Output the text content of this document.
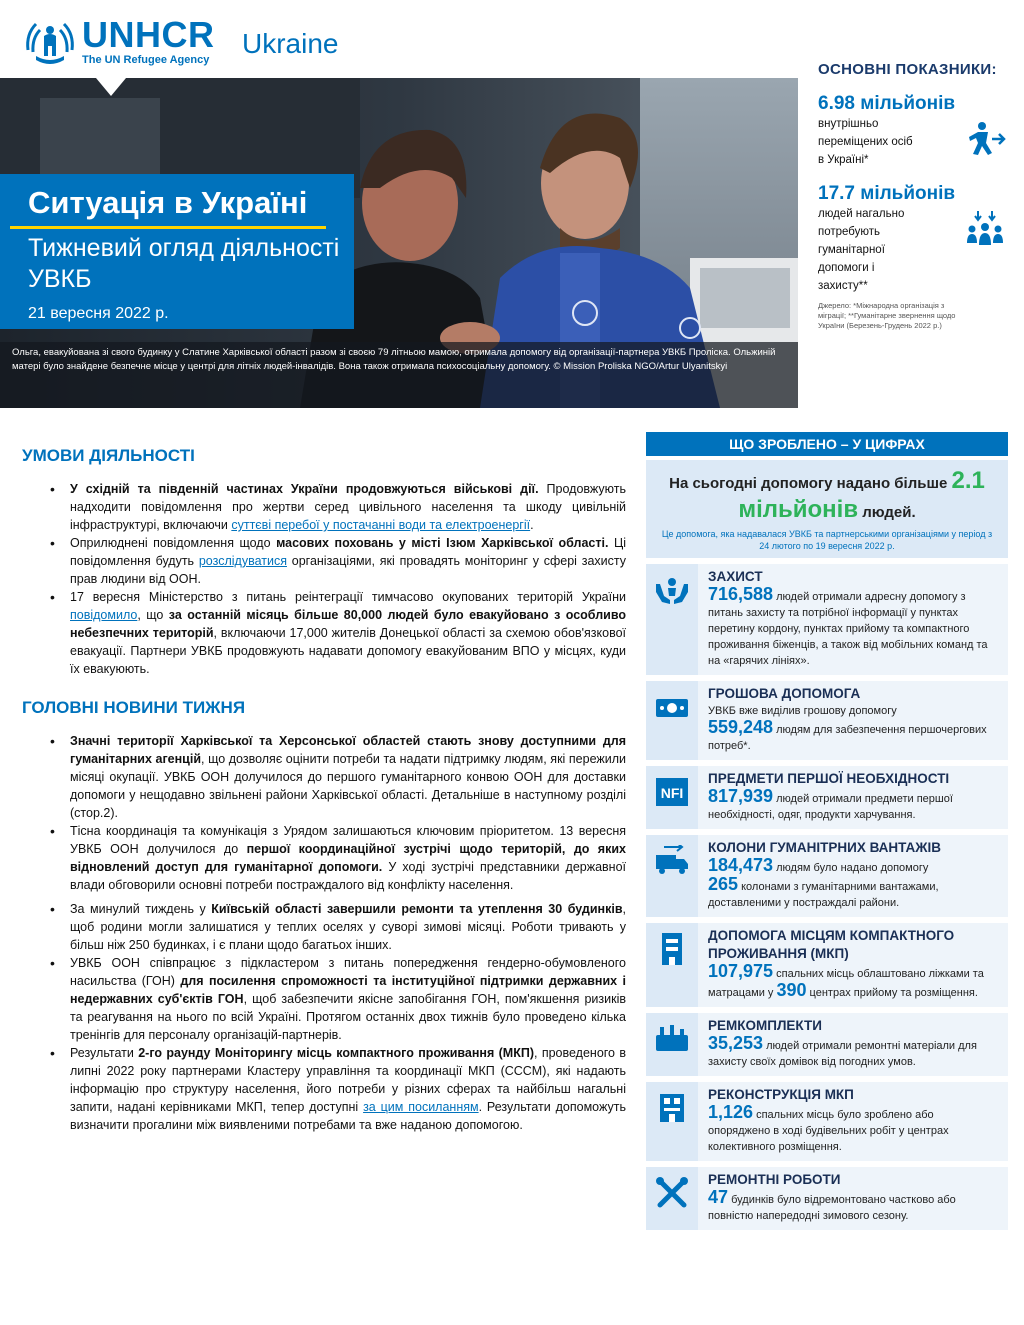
UNHCR
The UN Refugee Agency
Ukraine
Ситуація в Україні
Тижневий огляд діяльності УВКБ
21 вересня 2022 р.
Ольга, евакуйована зі свого будинку у Слатине Харківської області разом зі своєю 79 літньою мамою, отримала допомогу від організації-партнера УВКБ Проліска. Ольжиній матері було знайдене безпечне місце у центрі для літніх людей-інвалідів. Вона також отримала психосоціальну допомогу. © Mission Proliska NGO/Artur Ulyanitskyi
ОСНОВНІ ПОКАЗНИКИ:
6.98 мільйонів
внутрішньо переміщених осіб в Україні*
17.7 мільйонів
людей нагально потребують гуманітарної допомоги і захисту**
Джерело: *Міжнародна організація з міграції; **Гуманітарне звернення щодо України (Березень-Грудень 2022 р.)
УМОВИ ДІЯЛЬНОСТІ
• У східній та південній частинах України продовжуються військові дії. Продовжують надходити повідомлення про жертви серед цивільного населення та шкоду цивільній інфраструктурі, включаючи суттєві перебої у постачанні води та електроенергії.
• Оприлюднені повідомлення щодо масових поховань у місті Ізюм Харківської області. Ці повідомлення будуть розслідуватися організаціями, які провадять моніторинг у сфері захисту прав людини від ООН.
• 17 вересня Міністерство з питань реінтеграції тимчасово окупованих територій України повідомило, що за останній місяць більше 80,000 людей було евакуйовано з особливо небезпечних територій, включаючи 17,000 жителів Донецької області за схемою обов'язкової евакуації. Партнери УВКБ продовжують надавати допомогу евакуйованим ВПО у місцях, куди їх евакуюють.
ГОЛОВНІ НОВИНИ ТИЖНЯ
• Значні території Харківської та Херсонської областей стають знову доступними для гуманітарних агенцій, що дозволяє оцінити потреби та надати підтримку людям, які пережили місяці окупації. УВКБ ООН долучилося до першого гуманітарного конвою ООН для доставки допомоги у нещодавно звільнені райони Харківської області. Детальніше в наступному розділі (стор.2).
• Тісна координація та комунікація з Урядом залишаються ключовим пріоритетом. 13 вересня УВКБ ООН долучилося до першої координаційної зустрічі щодо територій, до яких відновлений доступ для гуманітарної допомоги. У ході зустрічі представники державної влади обговорили основні потреби постраждалого від конфлікту населення.
• За минулий тиждень у Київській області завершили ремонти та утеплення 30 будинків, щоб родини могли залишатися у теплих оселях у суворі зимові місяці. Роботи тривають у більш ніж 250 будинках, і є плани щодо багатьох інших.
• УВКБ ООН співпрацює з підкластером з питань попередження гендерно-обумовленого насильства (ГОН) для посилення спроможності та інституційної підтримки державних і недержавних суб'єктів ГОН, щоб забезпечити якісне запобігання ГОН, пом'якшення ризиків та реагування на нього по всій Україні. Протягом останніх двох тижнів було проведено кілька тренінгів для персоналу організацій-партнерів.
• Результати 2-го раунду Моніторингу місць компактного проживання (МКП), проведеного в липні 2022 року партнерами Кластеру управління та координації МКП (CCCM), які надають інформацію про структуру населення, його потреби у різних сферах та найбільш нагальні запити, надані керівниками МКП, тепер доступні за цим посиланням. Результати допоможуть визначити прогалини між виявленими потребами та вже наданою допомогою.
ЩО ЗРОБЛЕНО – У ЦИФРАХ
На сьогодні допомогу надано більше 2.1 мільйонів людей.
Це допомога, яка надавалася УВКБ та партнерськими організаціями у період з 24 лютого по 19 вересня 2022 р.
ЗАХИСТ
716,588 людей отримали адресну допомогу з питань захисту та потрібної інформації у пунктах перетину кордону, пунктах прийому та компактного проживання біженців, а також від мобільних команд та на «гарячих лініях».
ГРОШОВА ДОПОМОГА
УВКБ вже виділив грошову допомогу
559,248 людям для забезпечення першочергових потреб*.
NFI
ПРЕДМЕТИ ПЕРШОЇ НЕОБХІДНОСТІ
817,939 людей отримали предмети першої необхідності, одяг, продукти харчування.
КОЛОНИ ГУМАНІТРНИХ ВАНТАЖІВ
184,473 людям було надано допомогу
265 колонами з гуманітарними вантажами, доставленими у постраждалі райони.
ДОПОМОГА МІСЦЯМ КОМПАКТНОГО ПРОЖИВАННЯ (МКП)
107,975 спальних місць облаштовано ліжками та матрацами у 390 центрах прийому та розміщення.
РЕМКОМПЛЕКТИ
35,253 людей отримали ремонтні матеріали для захисту своїх домівок від погодних умов.
РЕКОНСТРУКЦІЯ МКП
1,126 спальних місць було зроблено або опоряджено в ході будівельних робіт у центрах колективного розміщення.
РЕМОНТНІ РОБОТИ
47 будинків було відремонтовано частково або повністю напередодні зимового сезону.
